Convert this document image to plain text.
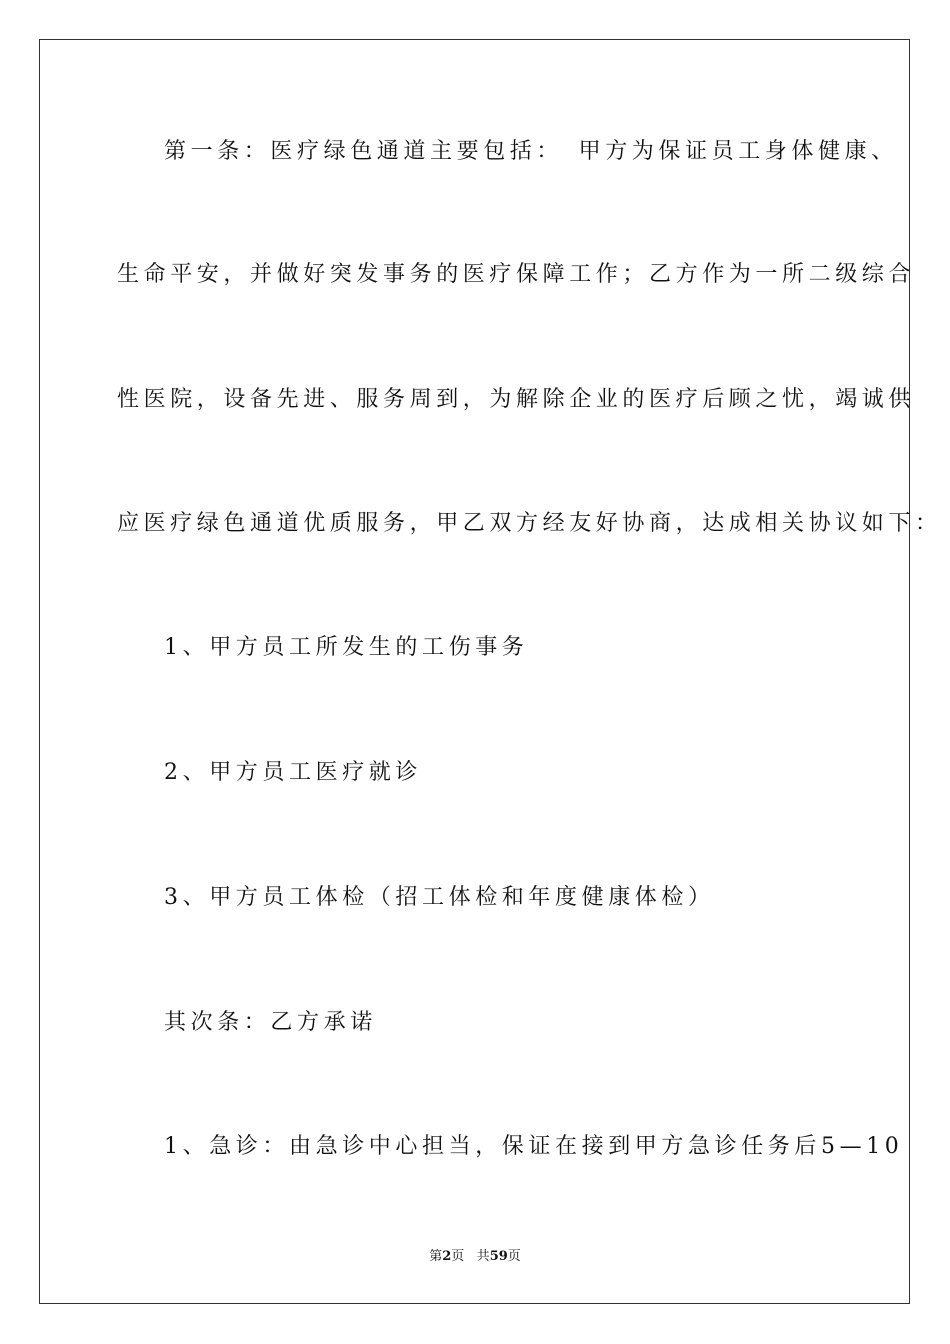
第一条：医疗绿色通道主要包括：　甲方为保证员工身体健康、
生命平安，并做好突发事务的医疗保障工作；乙方作为一所二级综合
性医院，设备先进、服务周到，为解除企业的医疗后顾之忧，竭诚供
应医疗绿色通道优质服务，甲乙双方经友好协商，达成相关协议如下：
1、甲方员工所发生的工伤事务
2、甲方员工医疗就诊
3、甲方员工体检（招工体检和年度健康体检）
其次条：乙方承诺
1、急诊：由急诊中心担当，保证在接到甲方急诊任务后5—10
第2页 共59页
